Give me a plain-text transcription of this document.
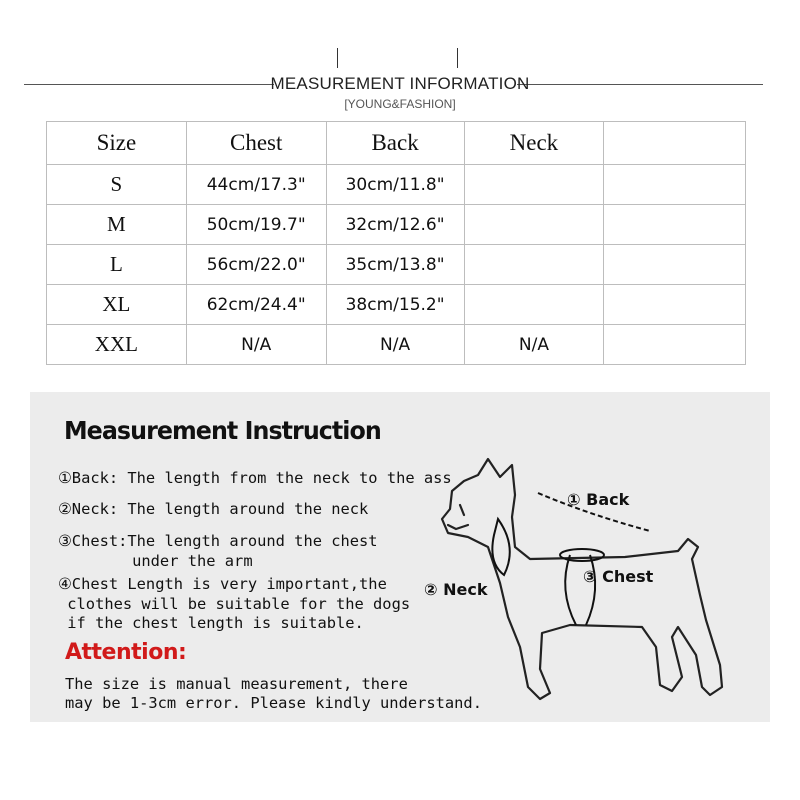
MEASUREMENT INFORMATION
[YOUNG&FASHION]
Size	Chest	Back	Neck	
S	44cm/17.3"	30cm/11.8"		
M	50cm/19.7"	32cm/12.6"		
L	56cm/22.0"	35cm/13.8"		
XL	62cm/24.4"	38cm/15.2"		
XXL	N/A	N/A	N/A	
Measurement Instruction
①Back: The length from the neck to the ass
②Neck: The length around the neck
③Chest:The length around the chest
under the arm
④Chest Length is very important,the
clothes will be suitable for the dogs
if the chest length is suitable.
Attention:
The size is manual measurement, there
may be 1-3cm error. Please kindly understand.
① Back
② Neck
③ Chest
